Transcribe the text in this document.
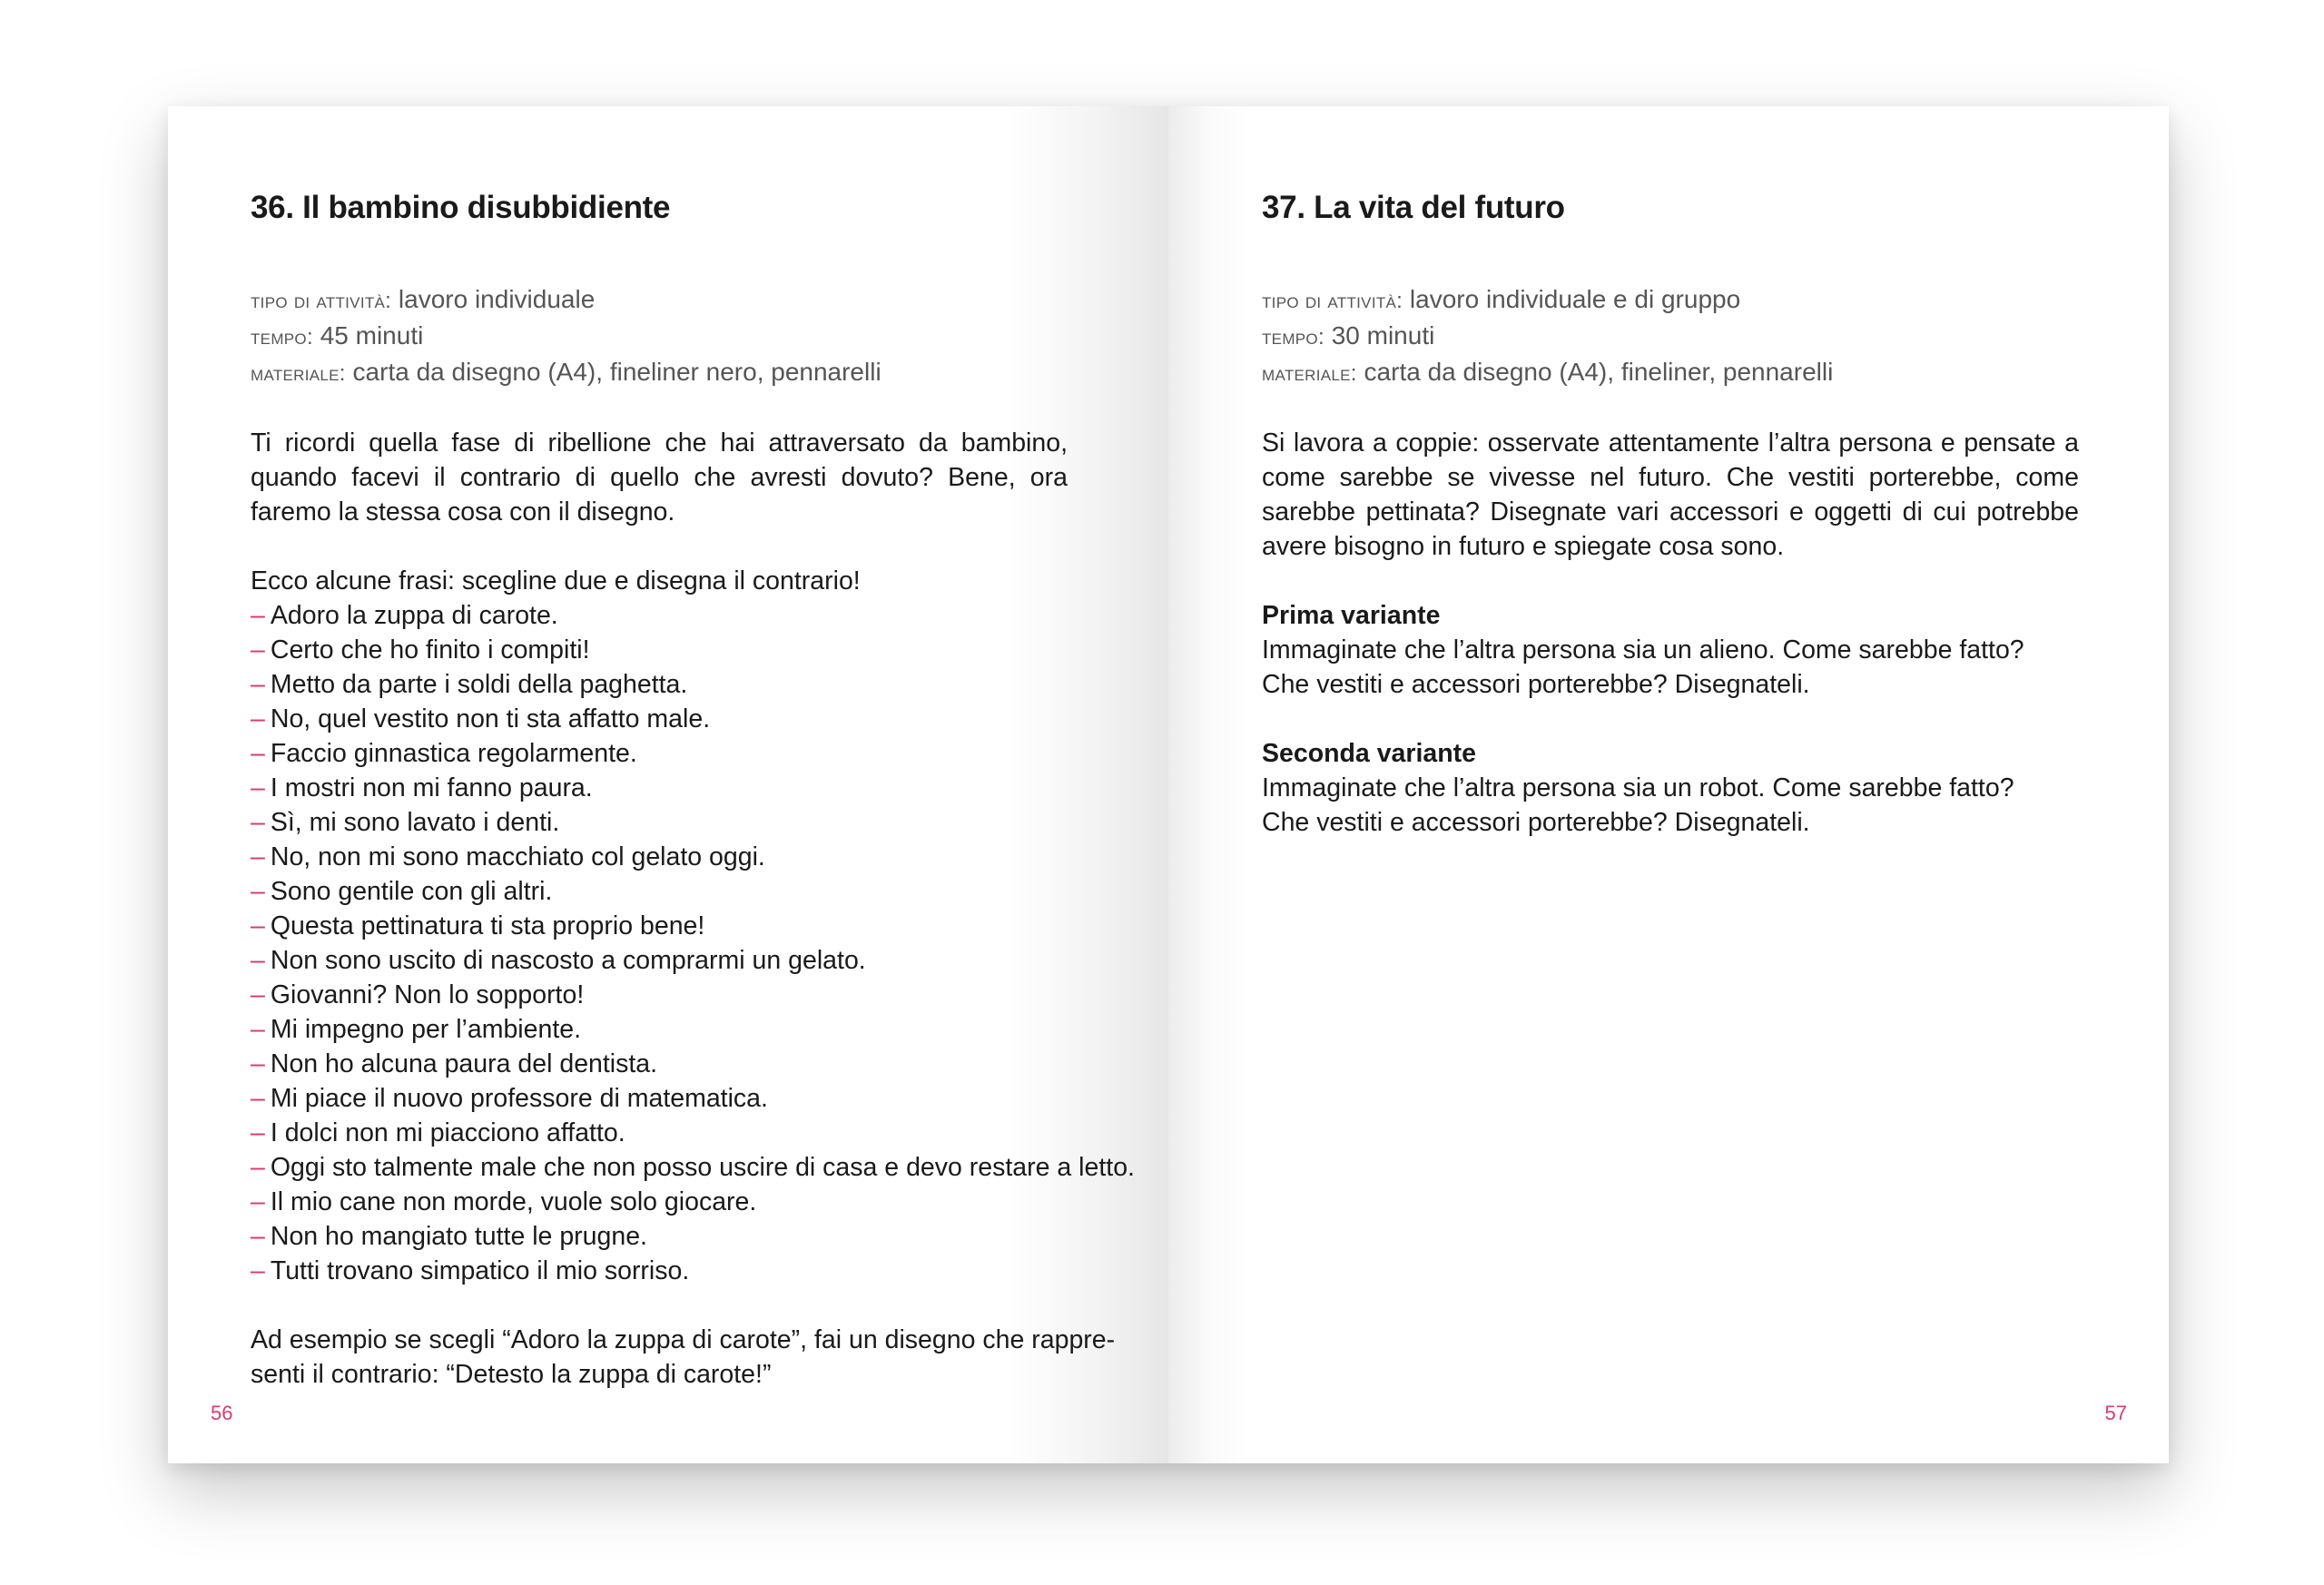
36. Il bambino disubbidiente
tipo di attività: lavoro individuale
tempo: 45 minuti
materiale: carta da disegno (A4), fineliner nero, pennarelli

Ti ricordi quella fase di ribellione che hai attraversato da bambino, quando facevi il contrario di quello che avresti dovuto? Bene, ora faremo la stessa cosa con il disegno.

Ecco alcune frasi: scegline due e disegna il contrario!
– Adoro la zuppa di carote.
– Certo che ho finito i compiti!
– Metto da parte i soldi della paghetta.
– No, quel vestito non ti sta affatto male.
– Faccio ginnastica regolarmente.
– I mostri non mi fanno paura.
– Sì, mi sono lavato i denti.
– No, non mi sono macchiato col gelato oggi.
– Sono gentile con gli altri.
– Questa pettinatura ti sta proprio bene!
– Non sono uscito di nascosto a comprarmi un gelato.
– Giovanni? Non lo sopporto!
– Mi impegno per l’ambiente.
– Non ho alcuna paura del dentista.
– Mi piace il nuovo professore di matematica.
– I dolci non mi piacciono affatto.
– Oggi sto talmente male che non posso uscire di casa e devo restare a letto.
– Il mio cane non morde, vuole solo giocare.
– Non ho mangiato tutte le prugne.
– Tutti trovano simpatico il mio sorriso.
Ad esempio se scegli “Adoro la zuppa di carote”, fai un disegno che rappre-
senti il contrario: “Detesto la zuppa di carote!”
56
37. La vita del futuro
tipo di attività: lavoro individuale e di gruppo
tempo: 30 minuti
materiale: carta da disegno (A4), fineliner, pennarelli

Si lavora a coppie: osservate attentamente l’altra persona e pensate a come sarebbe se vivesse nel futuro. Che vestiti porterebbe, come sarebbe pettinata? Disegnate vari accessori e oggetti di cui potrebbe avere bisogno in futuro e spiegate cosa sono.

Prima variante
Immaginate che l’altra persona sia un alieno. Come sarebbe fatto?
Che vestiti e accessori porterebbe? Disegnateli.
Seconda variante
Immaginate che l’altra persona sia un robot. Come sarebbe fatto?
Che vestiti e accessori porterebbe? Disegnateli.
57
